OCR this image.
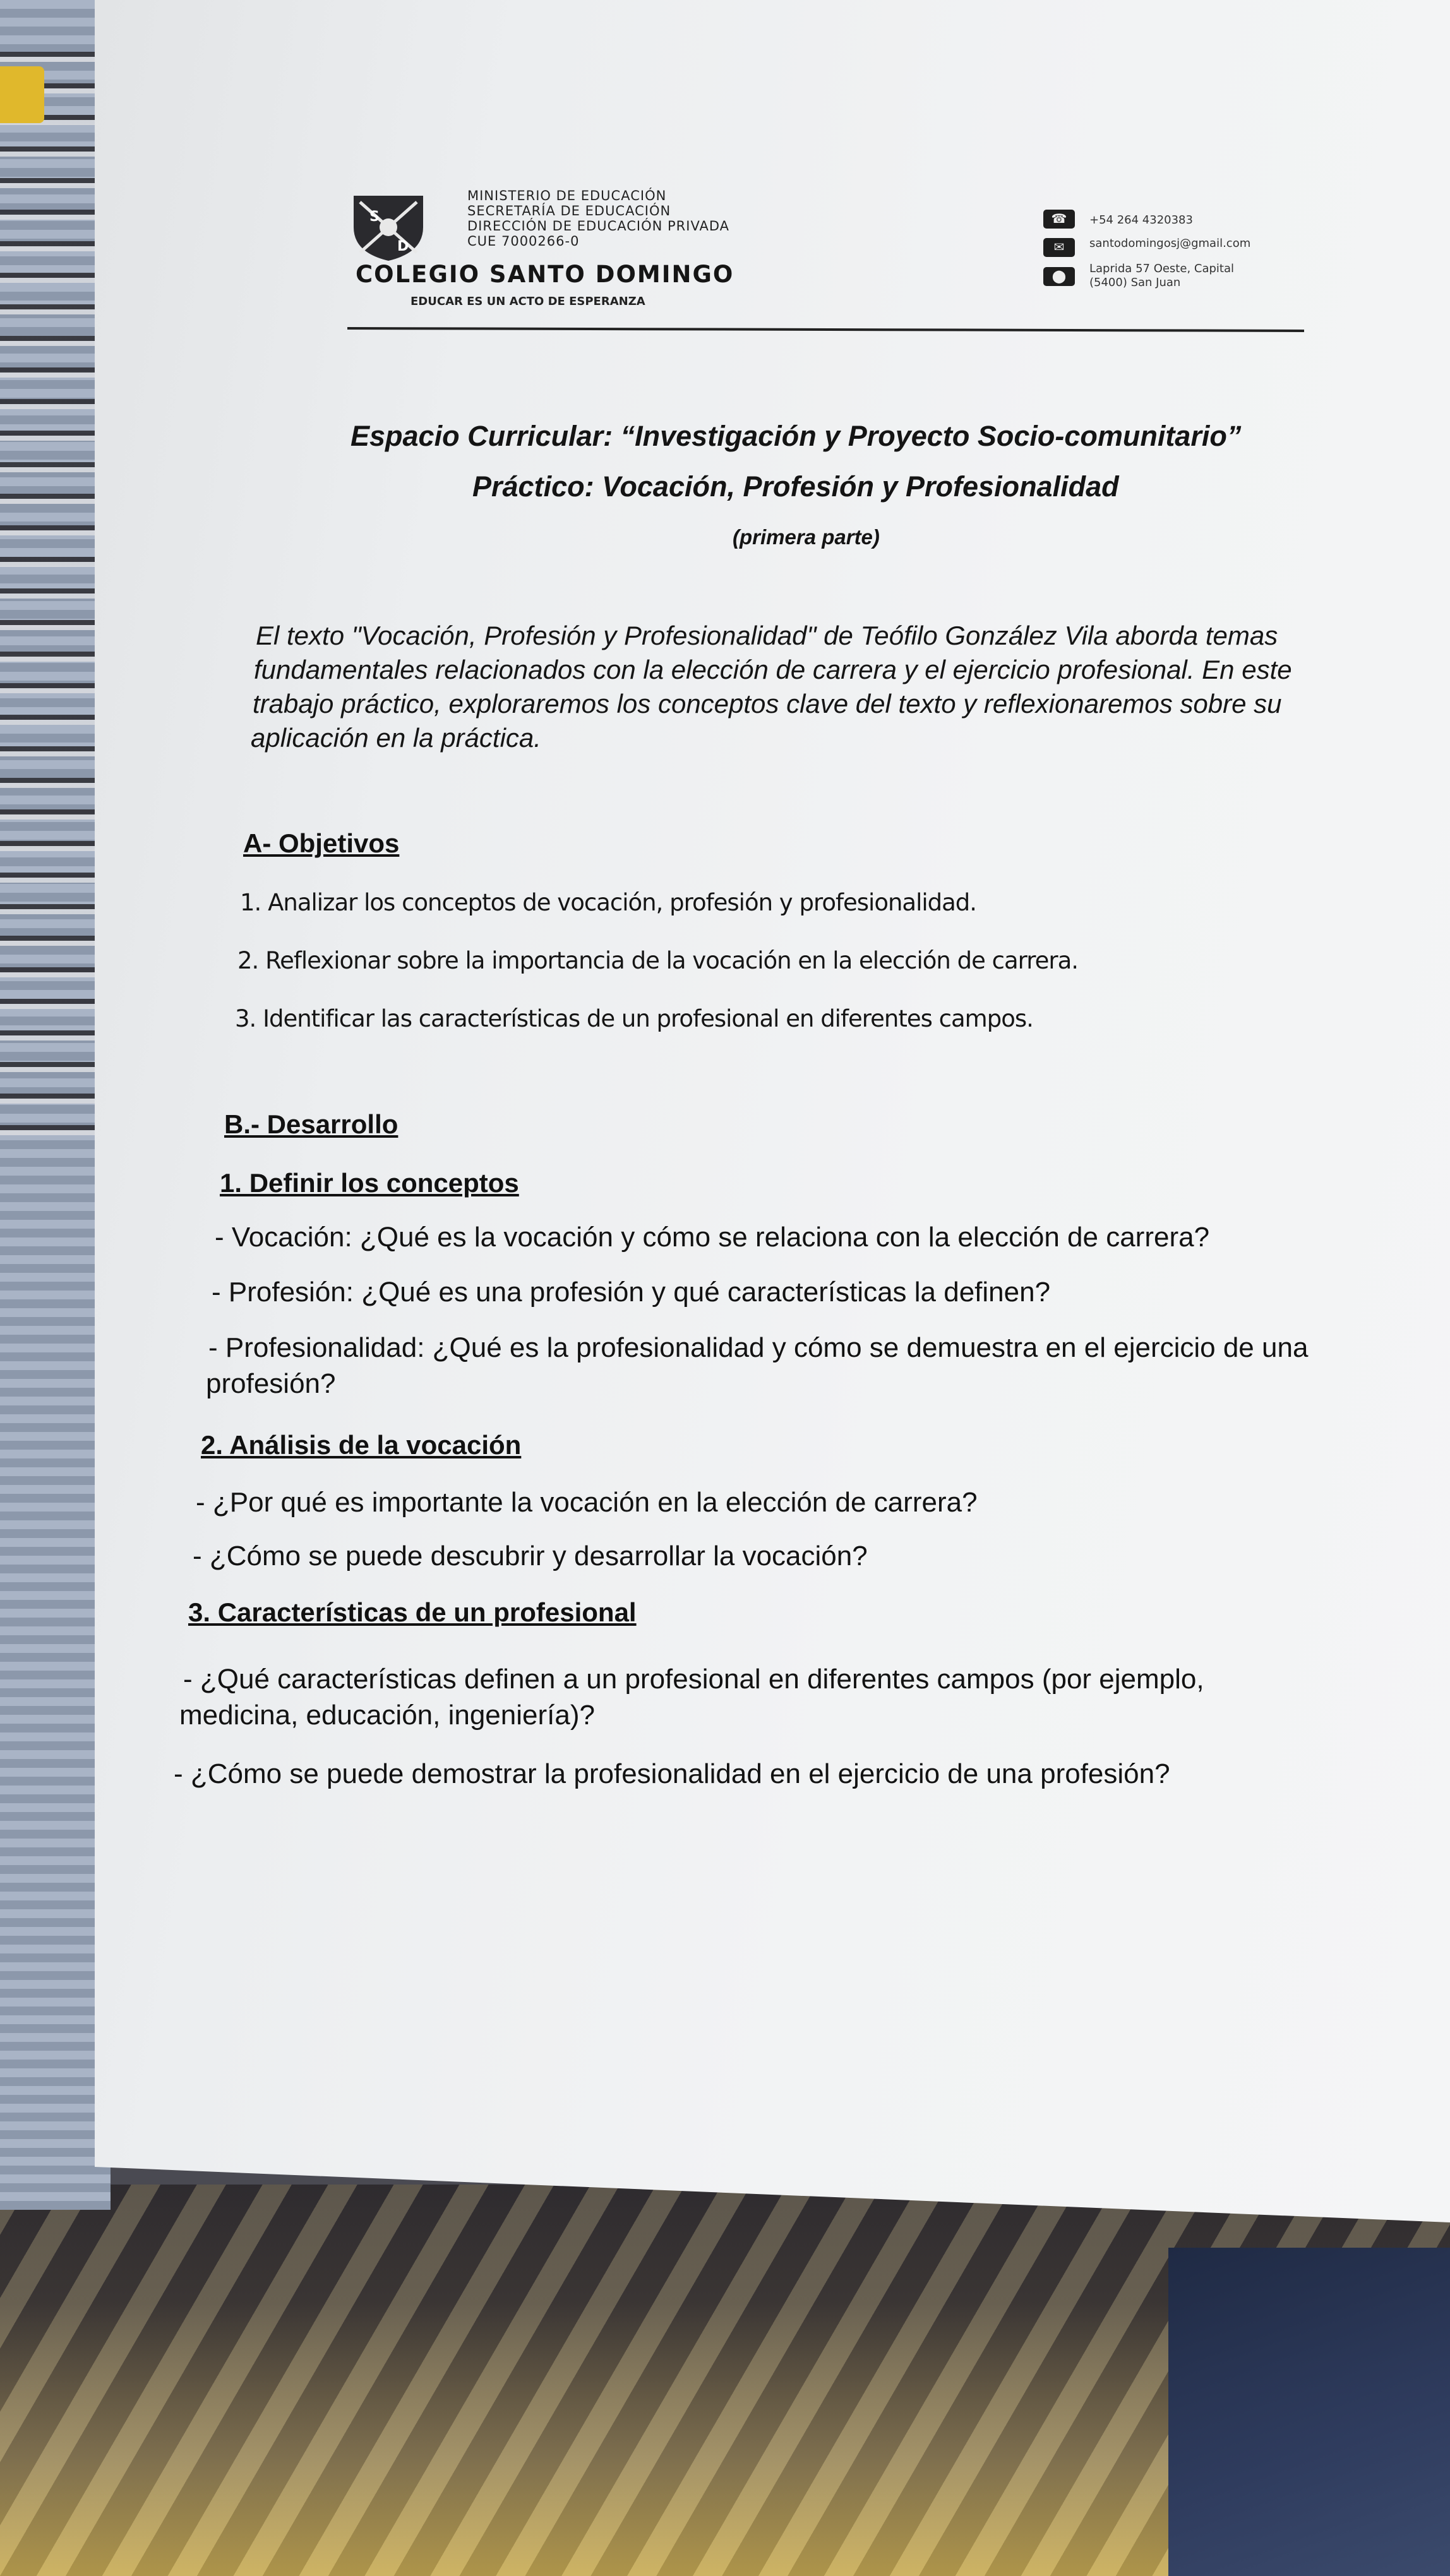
S
D
MINISTERIO DE EDUCACIÓN
SECRETARÍA DE EDUCACIÓN
DIRECCIÓN DE EDUCACIÓN PRIVADA
CUE 7000266-0
COLEGIO SANTO DOMINGO
EDUCAR ES UN ACTO DE ESPERANZA
☎	+54 264 4320383
✉	santodomingosj@gmail.com
⬤
Laprida 57 Oeste, Capital
(5400) San Juan
Espacio Curricular: “Investigación y Proyecto Socio-comunitario”
Práctico: Vocación, Profesión y Profesionalidad
(primera parte)
El texto "Vocación, Profesión y Profesionalidad" de Teófilo González Vila aborda temas
fundamentales relacionados con la elección de carrera y el ejercicio profesional. En este
trabajo práctico, exploraremos los conceptos clave del texto y reflexionaremos sobre su
aplicación en la práctica.
A- Objetivos
1. Analizar los conceptos de vocación, profesión y profesionalidad.
2. Reflexionar sobre la importancia de la vocación en la elección de carrera.
3. Identificar las características de un profesional en diferentes campos.
B.- Desarrollo
1. Definir los conceptos
- Vocación: ¿Qué es la vocación y cómo se relaciona con la elección de carrera?
- Profesión: ¿Qué es una profesión y qué características la definen?
- Profesionalidad: ¿Qué es la profesionalidad y cómo se demuestra en el ejercicio de una
profesión?
2. Análisis de la vocación
- ¿Por qué es importante la vocación en la elección de carrera?
- ¿Cómo se puede descubrir y desarrollar la vocación?
3. Características de un profesional
- ¿Qué características definen a un profesional en diferentes campos (por ejemplo,
medicina, educación, ingeniería)?
- ¿Cómo se puede demostrar la profesionalidad en el ejercicio de una profesión?
